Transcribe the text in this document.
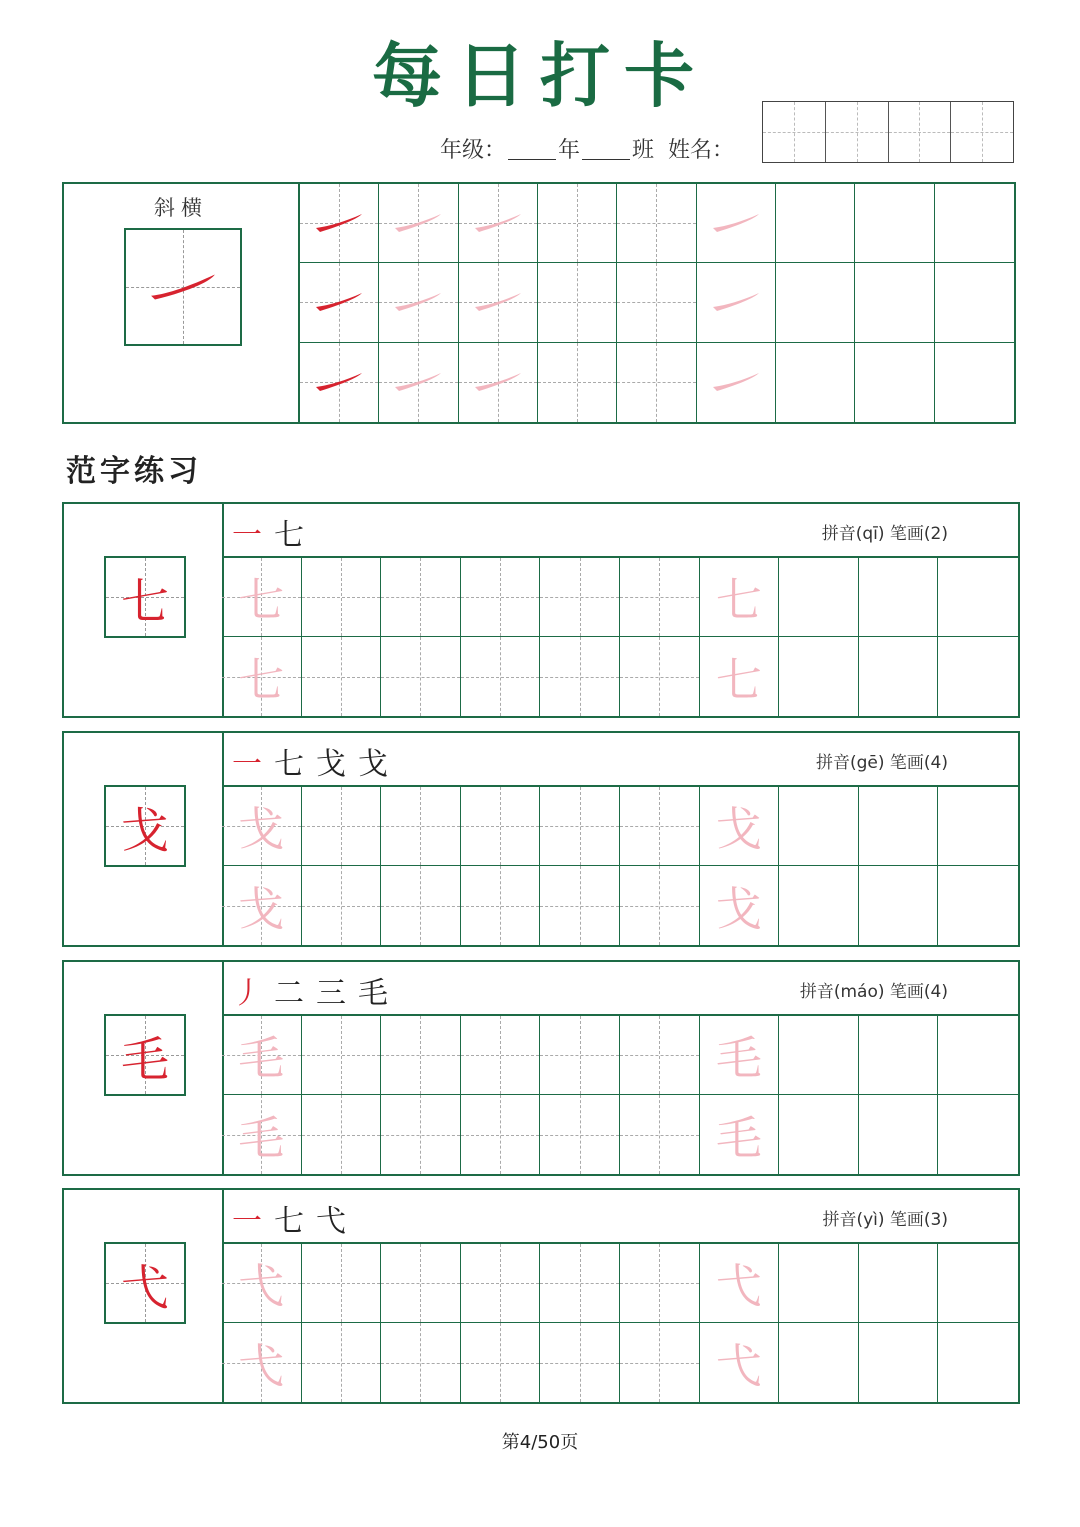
每日打卡
年级： 年 班 姓名：
斜横
范字练习
七
一七	拼音(qī) 笔画(2)
七	七
七	七
戈
一七戈戈	拼音(gē) 笔画(4)
戈	戈
戈	戈
毛
丿二三毛	拼音(máo) 笔画(4)
毛	毛
毛	毛
弋
一七弋	拼音(yì) 笔画(3)
弋	弋
弋	弋
第4/50页
